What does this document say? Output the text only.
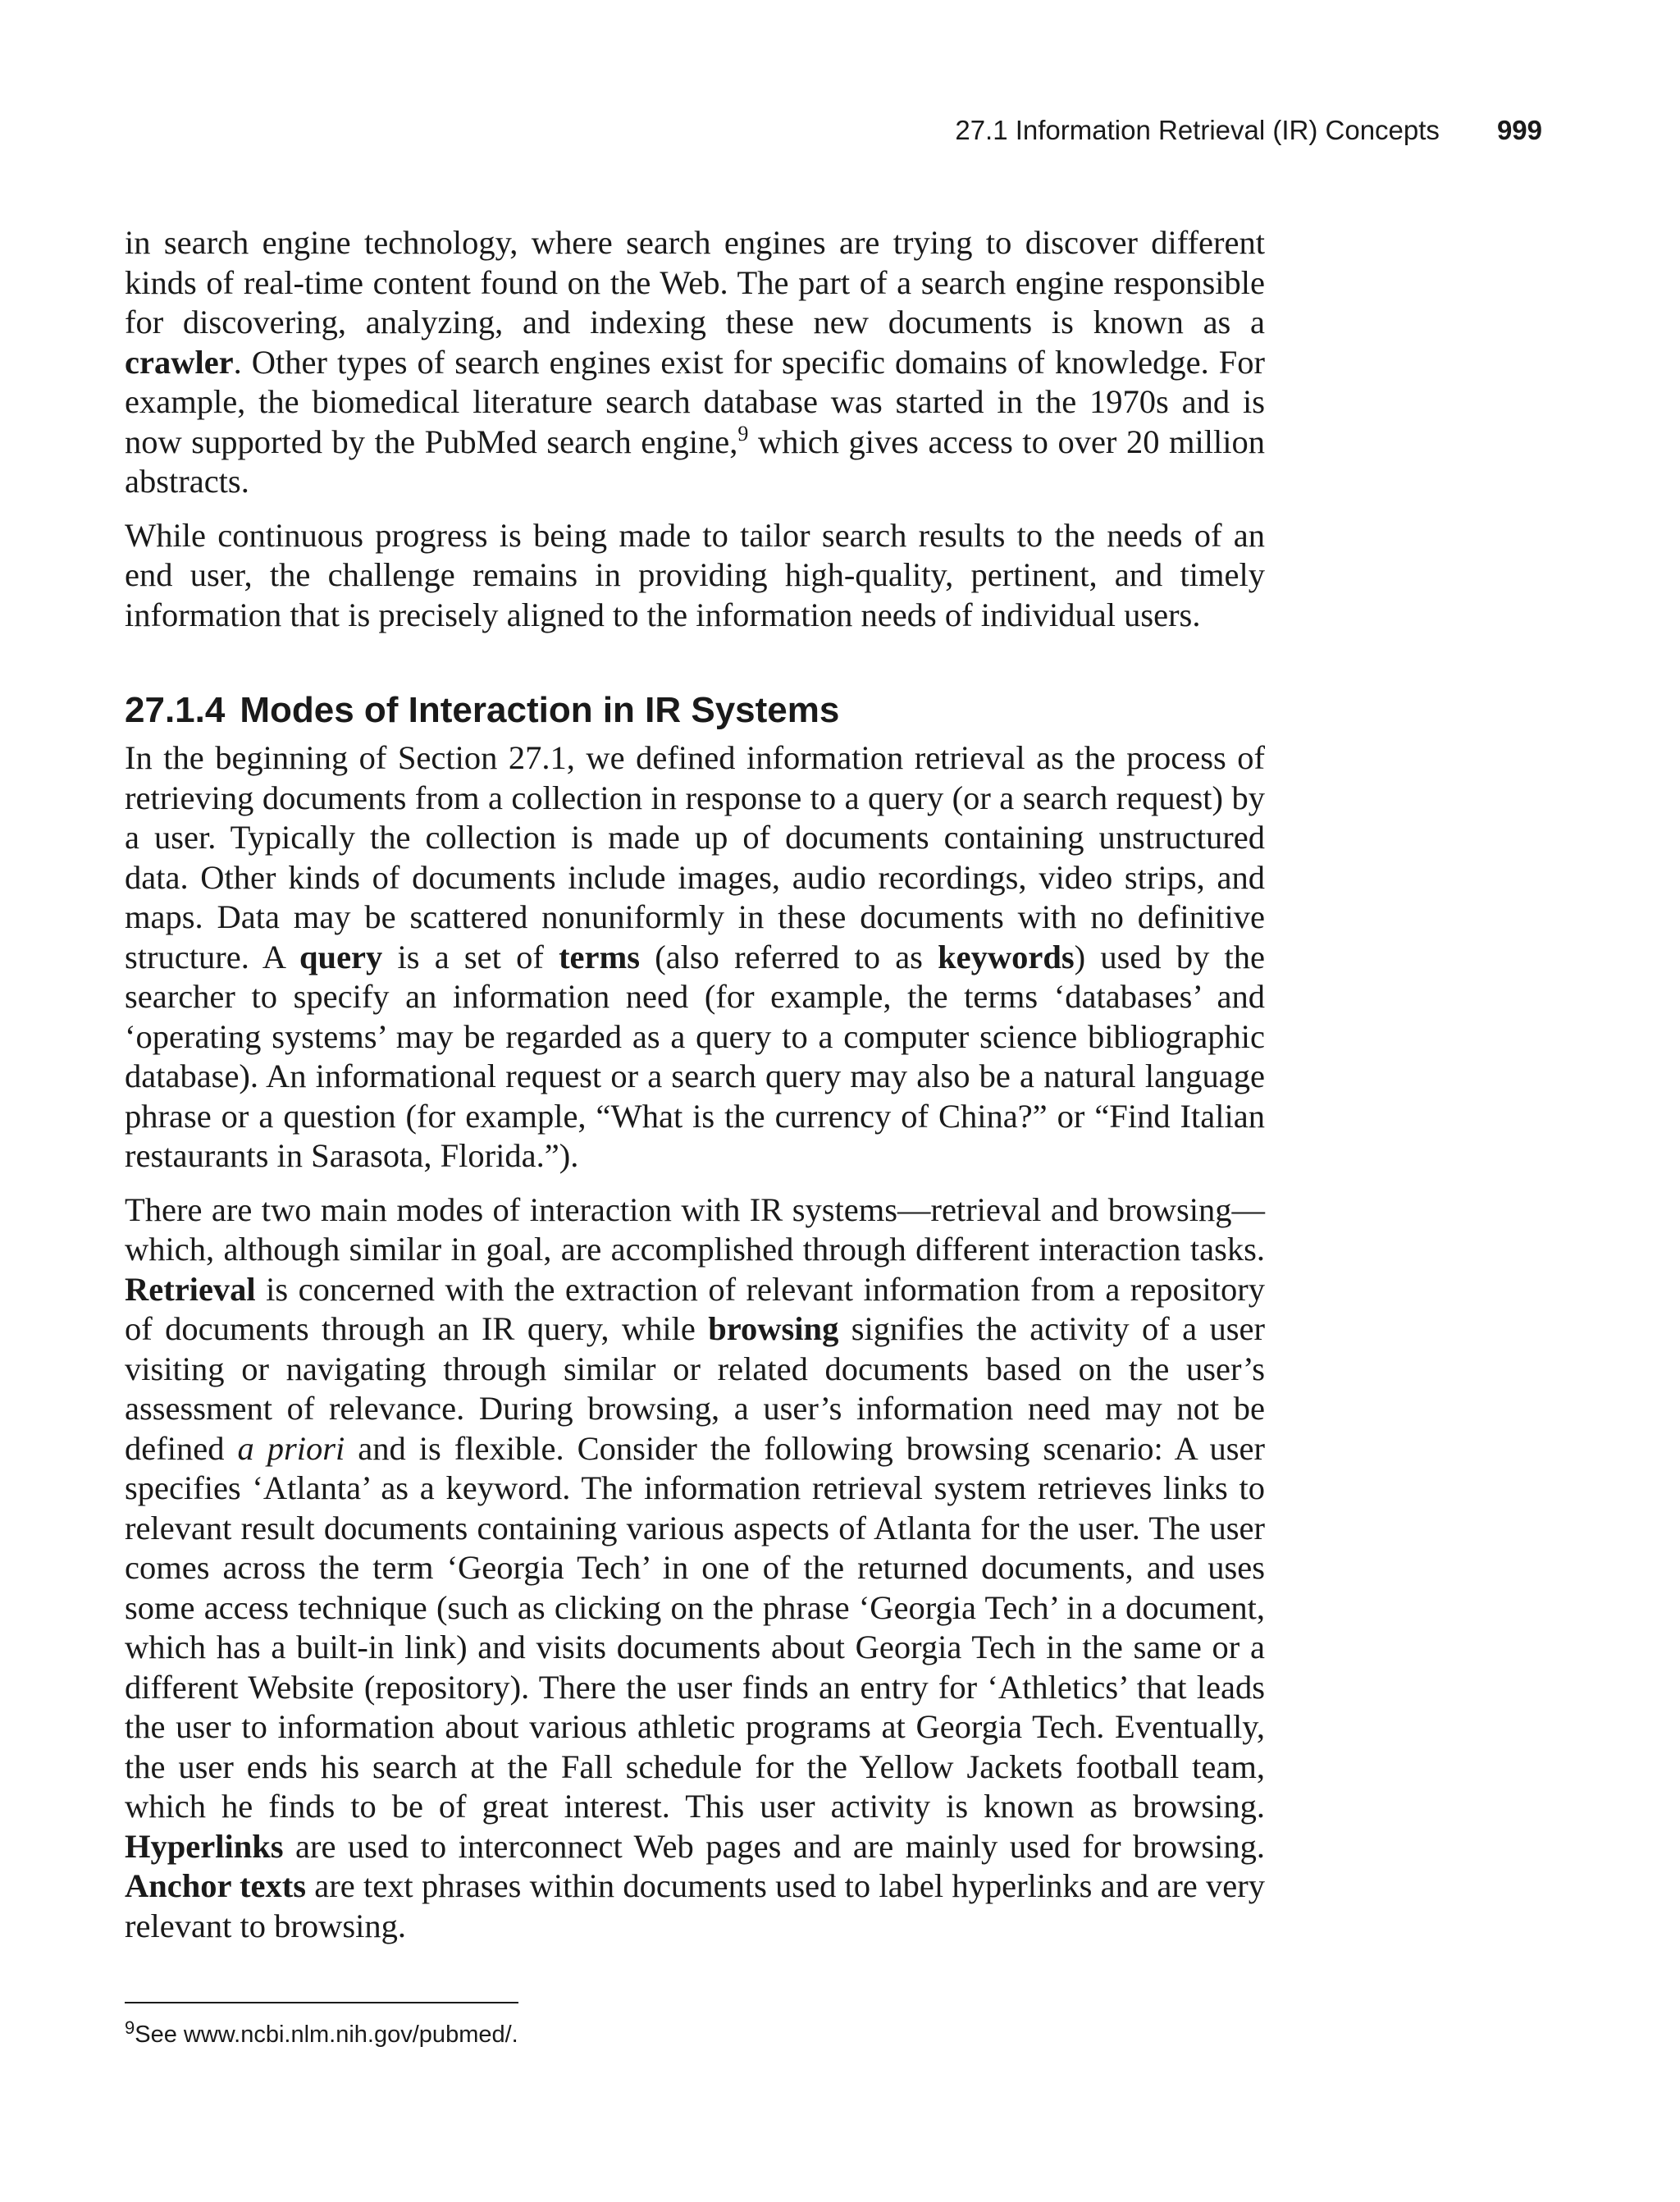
27.1 Information Retrieval (IR) Concepts 999

in search engine technology, where search engines are trying to discover different kinds of real-time content found on the Web. The part of a search engine responsible for discovering, analyzing, and indexing these new documents is known as a crawler. Other types of search engines exist for specific domains of knowledge. For example, the biomedical literature search database was started in the 1970s and is now supported by the PubMed search engine,$^9$ which gives access to over 20 million abstracts.

While continuous progress is being made to tailor search results to the needs of an end user, the challenge remains in providing high-quality, pertinent, and timely information that is precisely aligned to the information needs of individual users.

27.1.4 Modes of Interaction in IR Systems

In the beginning of Section 27.1, we defined information retrieval as the process of retrieving documents from a collection in response to a query (or a search request) by a user. Typically the collection is made up of documents containing unstructured data. Other kinds of documents include images, audio recordings, video strips, and maps. Data may be scattered nonuniformly in these documents with no definitive structure. A query is a set of terms (also referred to as keywords) used by the searcher to specify an information need (for example, the terms ‘databases’ and ‘operating systems’ may be regarded as a query to a computer science bibliographic database). An informational request or a search query may also be a natural language phrase or a question (for example, “What is the currency of China?” or “Find Italian restaurants in Sarasota, Florida.”).

There are two main modes of interaction with IR systems—retrieval and browsing—which, although similar in goal, are accomplished through different interaction tasks. Retrieval is concerned with the extraction of relevant information from a repository of documents through an IR query, while browsing signifies the activity of a user visiting or navigating through similar or related documents based on the user’s assessment of relevance. During browsing, a user’s information need may not be defined a priori and is flexible. Consider the following browsing scenario: A user specifies ‘Atlanta’ as a keyword. The information retrieval system retrieves links to relevant result documents containing various aspects of Atlanta for the user. The user comes across the term ‘Georgia Tech’ in one of the returned documents, and uses some access technique (such as clicking on the phrase ‘Georgia Tech’ in a document, which has a built-in link) and visits documents about Georgia Tech in the same or a different Website (repository). There the user finds an entry for ‘Athletics’ that leads the user to information about various athletic programs at Georgia Tech. Eventually, the user ends his search at the Fall schedule for the Yellow Jackets football team, which he finds to be of great interest. This user activity is known as browsing. Hyperlinks are used to interconnect Web pages and are mainly used for browsing. Anchor texts are text phrases within documents used to label hyperlinks and are very relevant to browsing.

$^9$See www.ncbi.nlm.nih.gov/pubmed/.
